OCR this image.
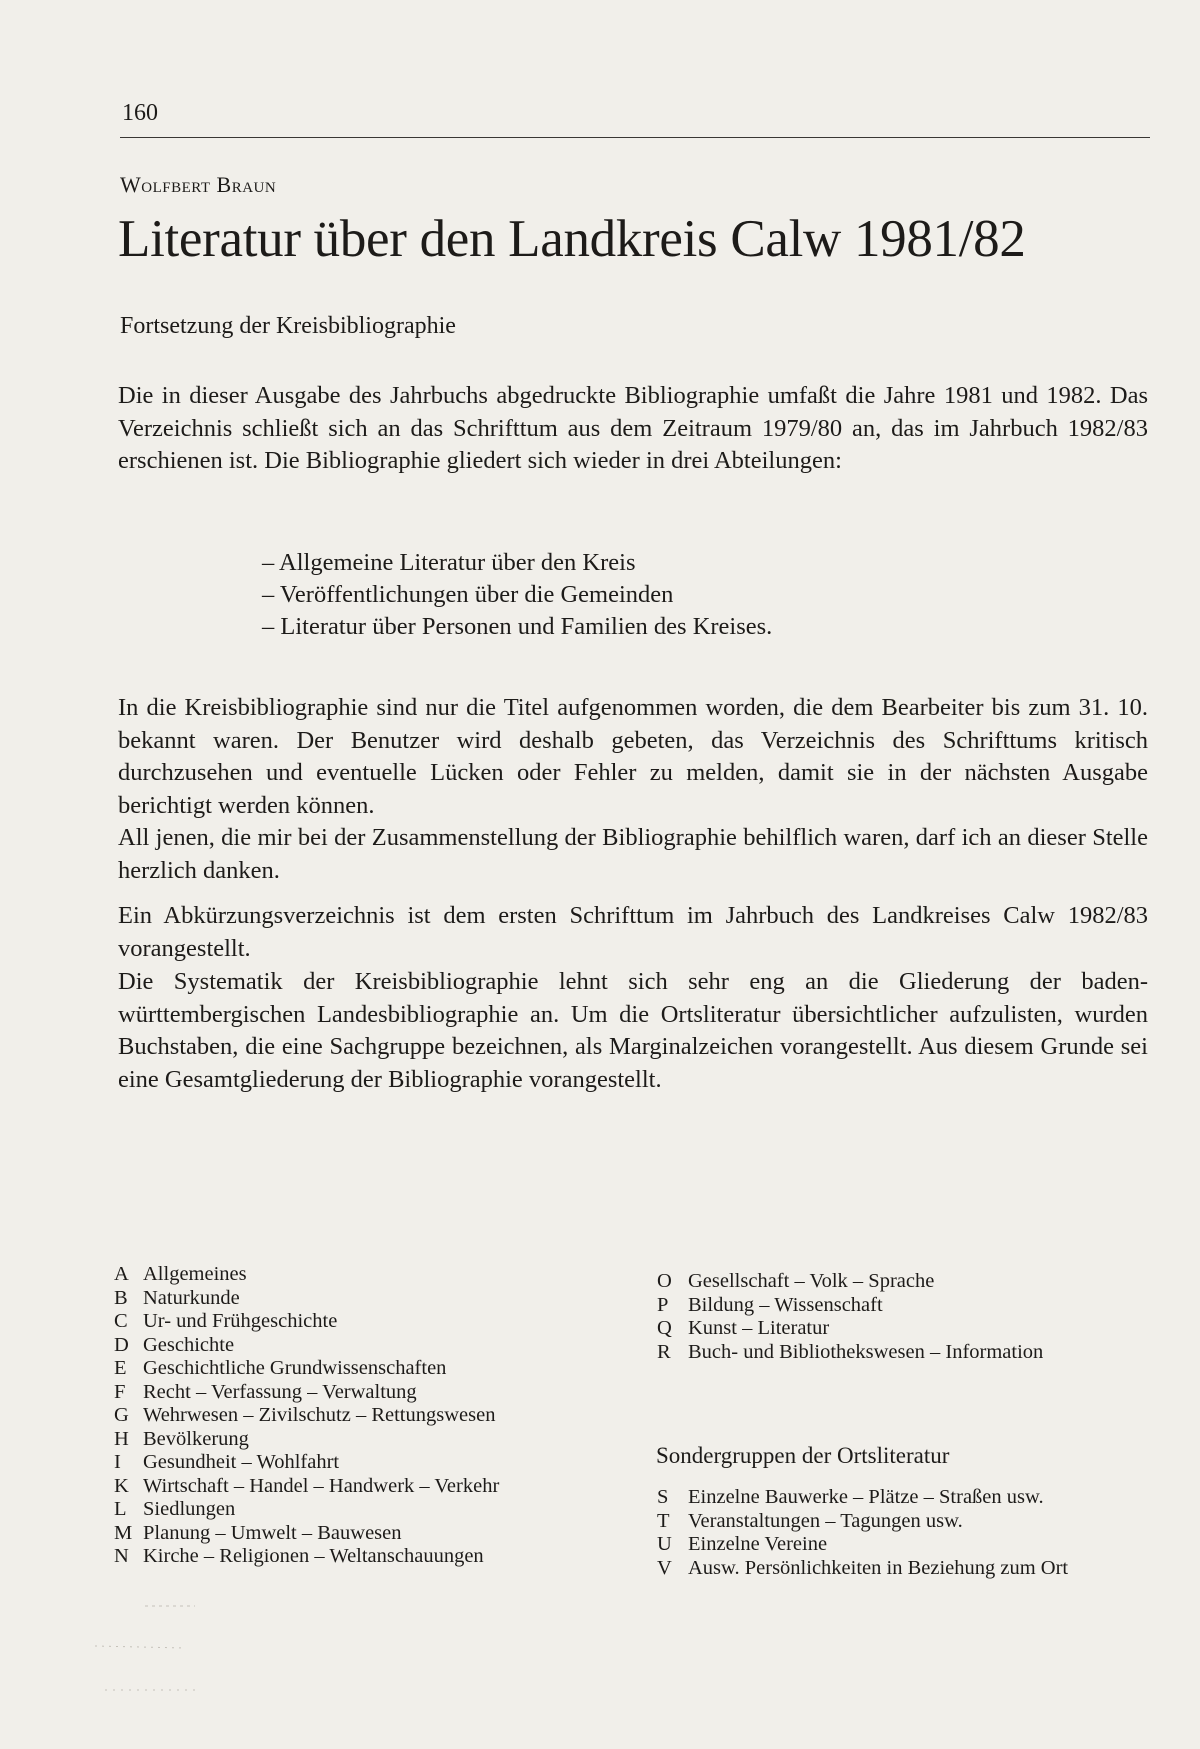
160
Wolfbert Braun
Literatur über den Landkreis Calw 1981/82
Fortsetzung der Kreisbibliographie
Die in dieser Ausgabe des Jahrbuchs abgedruckte Bibliographie umfaßt die Jahre 1981 und 1982. Das Verzeichnis schließt sich an das Schrifttum aus dem Zeitraum 1979/80 an, das im Jahrbuch 1982/83 erschienen ist. Die Bibliographie gliedert sich wieder in drei Abteilungen:
– Allgemeine Literatur über den Kreis
– Veröffentlichungen über die Gemeinden
– Literatur über Personen und Familien des Kreises.
In die Kreisbibliographie sind nur die Titel aufgenommen worden, die dem Bearbeiter bis zum 31. 10. bekannt waren. Der Benutzer wird deshalb gebeten, das Verzeichnis des Schrifttums kritisch durchzusehen und eventuelle Lücken oder Fehler zu melden, damit sie in der nächsten Ausgabe berichtigt werden können.
All jenen, die mir bei der Zusammenstellung der Bibliographie behilflich waren, darf ich an dieser Stelle herzlich danken.
Ein Abkürzungsverzeichnis ist dem ersten Schrifttum im Jahrbuch des Landkreises Calw 1982/83 vorangestellt.
Die Systematik der Kreisbibliographie lehnt sich sehr eng an die Gliederung der baden-württembergischen Landesbibliographie an. Um die Ortsliteratur übersichtlicher aufzulisten, wurden Buchstaben, die eine Sachgruppe bezeichnen, als Marginalzeichen vorangestellt. Aus diesem Grunde sei eine Gesamtgliederung der Bibliographie vorangestellt.
A Allgemeines
B Naturkunde
C Ur- und Frühgeschichte
D Geschichte
E Geschichtliche Grundwissenschaften
F Recht – Verfassung – Verwaltung
G Wehrwesen – Zivilschutz – Rettungswesen
H Bevölkerung
I	Gesundheit – Wohlfahrt
K Wirtschaft – Handel – Handwerk – Verkehr
L Siedlungen
M Planung – Umwelt – Bauwesen
N Kirche – Religionen – Weltanschauungen
O Gesellschaft – Volk – Sprache
P Bildung – Wissenschaft
Q Kunst – Literatur
R Buch- und Bibliothekswesen – Information
Sondergruppen der Ortsliteratur
S Einzelne Bauwerke – Plätze – Straßen usw.
T Veranstaltungen – Tagungen usw.
U Einzelne Vereine
V Ausw. Persönlichkeiten in Beziehung zum Ort
